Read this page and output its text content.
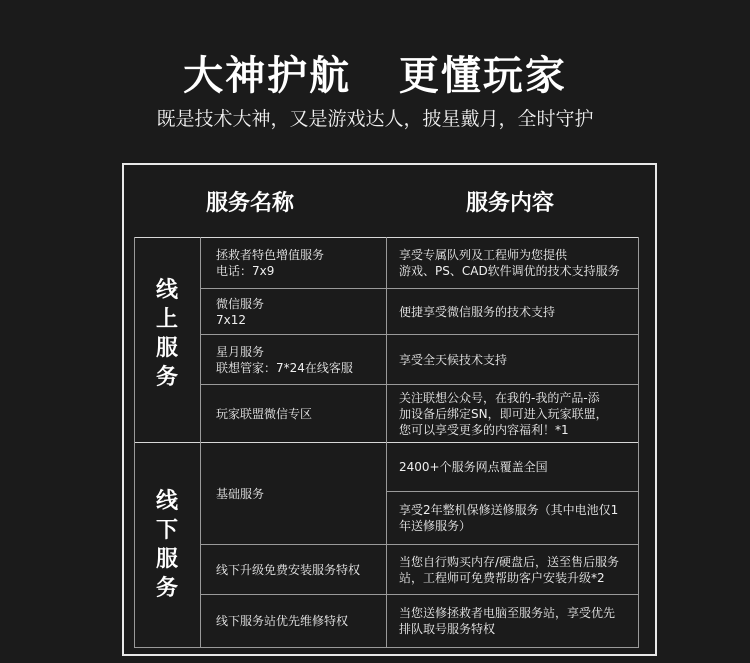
大神护航   更懂玩家
既是技术大神，又是游戏达人，披星戴月，全时守护
服务名称	服务内容
线
上
服
务
线
下
服
务
拯救者特色增值服务
电话：7x9
享受专属队列及工程师为您提供
游戏、PS、CAD软件调优的技术支持服务
微信服务
7x12
便捷享受微信服务的技术支持
星月服务
联想管家：7*24在线客服
享受全天候技术支持
玩家联盟微信专区
关注联想公众号，在我的-我的产品-添
加设备后绑定SN，即可进入玩家联盟，
您可以享受更多的内容福利！*1
基础服务
2400+个服务网点覆盖全国
享受2年整机保修送修服务（其中电池仅1
年送修服务）
线下升级免费安装服务特权
当您自行购买内存/硬盘后，送至售后服务
站，工程师可免费帮助客户安装升级*2
线下服务站优先维修特权
当您送修拯救者电脑至服务站，享受优先
排队取号服务特权
